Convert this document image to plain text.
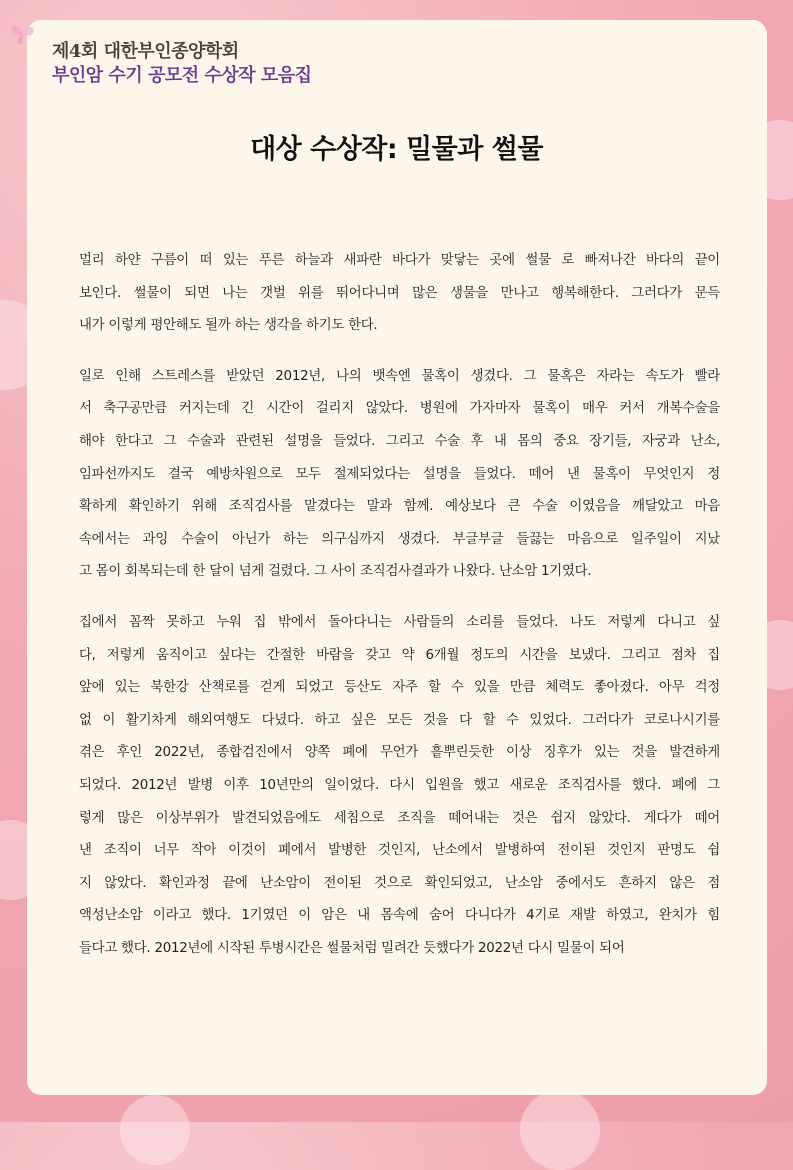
제4회 대한부인종양학회
부인암 수기 공모전 수상작 모음집
대상 수상작: 밀물과 썰물
멀리 하얀 구름이 떠 있는 푸른 하늘과 새파란 바다가 맞닿는 곳에 썰물 로 빠져나간 바다의 끝이
보인다. 썰물이 되면 나는 갯벌 위를 뛰어다니며 많은 생물을 만나고 행복해한다. 그러다가 문득
내가 이렇게 평안해도 될까 하는 생각을 하기도 한다.
일로 인해 스트레스를 받았던 2012년, 나의 뱃속엔 물혹이 생겼다. 그 물혹은 자라는 속도가 빨라
서 축구공만큼 커지는데 긴 시간이 걸리지 않았다. 병원에 가자마자 물혹이 매우 커서 개복수술을
해야 한다고 그 수술과 관련된 설명을 들었다. 그리고 수술 후 내 몸의 중요 장기들, 자궁과 난소,
임파선까지도 결국 예방차원으로 모두 절제되었다는 설명을 들었다. 떼어 낸 물혹이 무엇인지 정
확하게 확인하기 위해 조직검사를 맡겼다는 말과 함께. 예상보다 큰 수술 이였음을 깨달았고 마음
속에서는 과잉 수술이 아닌가 하는 의구심까지 생겼다. 부글부글 들끓는 마음으로 일주일이 지났
고 몸이 회복되는데 한 달이 넘게 걸렸다. 그 사이 조직검사결과가 나왔다. 난소암 1기였다.
집에서 꼼짝 못하고 누워 집 밖에서 돌아다니는 사람들의 소리를 들었다. 나도 저렇게 다니고 싶
다, 저렇게 움직이고 싶다는 간절한 바람을 갖고 약 6개월 정도의 시간을 보냈다. 그리고 점차 집
앞에 있는 북한강 산책로를 걷게 되었고 등산도 자주 할 수 있을 만큼 체력도 좋아졌다. 아무 걱정
없 이 활기차게 해외여행도 다녔다. 하고 싶은 모든 것을 다 할 수 있었다. 그러다가 코로나시기를
겪은 후인 2022년, 종합검진에서 양쪽 폐에 무언가 흩뿌린듯한 이상 징후가 있는 것을 발견하게
되었다. 2012년 발병 이후 10년만의 일이었다. 다시 입원을 했고 새로운 조직검사를 했다. 폐에 그
렇게 많은 이상부위가 발견되었음에도 세침으로 조직을 떼어내는 것은 쉽지 않았다. 게다가 떼어
낸 조직이 너무 작아 이것이 폐에서 발병한 것인지, 난소에서 발병하여 전이된 것인지 판명도 쉽
지 않았다. 확인과정 끝에 난소암이 전이된 것으로 확인되었고, 난소암 중에서도 흔하지 않은 점
액성난소암 이라고 했다. 1기였던 이 암은 내 몸속에 숨어 다니다가 4기로 재발 하였고, 완치가 힘
들다고 했다. 2012년에 시작된 투병시간은 썰물처럼 밀려간 듯했다가 2022년 다시 밀물이 되어
